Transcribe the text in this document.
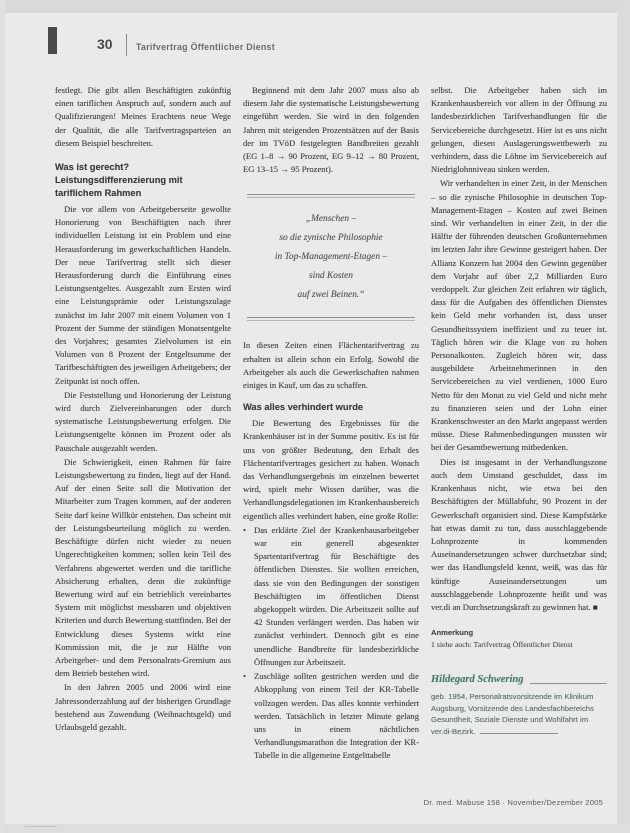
30	Tarifvertrag Öffentlicher Dienst

festlegt. Die gibt allen Beschäftigten zukünftig einen tariflichen Anspruch auf, sondern auch auf Qualifizierungen! Meines Erachtens neue Wege der Qualität, die alle Tarifvertragsparteien an diesem Beispiel beschreiten.

Was ist gerecht? Leistungsdifferenzierung mit tariflichem Rahmen

Die vor allem von Arbeitgeberseite gewollte Honorierung von Beschäftigten nach ihrer individuellen Leistung ist ein Problem und eine Herausforderung im gewerkschaftlichen Handeln. Der neue Tarifvertrag stellt sich dieser Herausforderung durch die Einführung eines Leistungsentgeltes. Ausgezahlt zum Ersten wird eine Leistungsprämie oder Leistungszulage zunächst im Jahr 2007 mit einem Volumen von 1 Prozent der Summe der ständigen Monatsentgelte des Vorjahres; gesamtes Zielvolumen ist ein Volumen von 8 Prozent der Entgeltsumme der Tarifbeschäftigten des jeweiligen Arbeitgebers; der Zeitpunkt ist noch offen.

Die Feststellung und Honorierung der Leistung wird durch Zielvereinbarungen oder durch systematische Leistungsbewertung erfolgen. Die Leistungsentgelte können im Prozent oder als Pauschale ausgezahlt werden.

Die Schwierigkeit, einen Rahmen für faire Leistungsbewertung zu finden, liegt auf der Hand. Auf der einen Seite soll die Motivation der Mitarbeiter zum Tragen kommen, auf der anderen Seite darf keine Willkür entstehen. Das scheint mit der Leistungsbeurteilung möglich zu werden. Beschäftigte dürfen nicht wieder zu neuen Ungerechtigkeiten kommen; sollen kein Teil des Verfahrens abgewertet werden und die tarifliche Absicherung erhalten, denn die zukünftige Bewertung wird auf ein betrieblich vereinbartes System mit möglichst messbaren und objektiven Kriterien und durch Bewertung stattfinden. Bei der Entwicklung dieses Systems wirkt eine Kommission mit, die je zur Hälfte von Arbeitgeber- und dem Personalrats-Gremium aus dem Betrieb bestehen wird.

In den Jahren 2005 und 2006 wird eine Jahressonderzahlung auf der bisherigen Grundlage bestehend aus Zuwendung (Weihnachtsgeld) und Urlaubsgeld gezahlt.

Beginnend mit dem Jahr 2007 muss also ab diesem Jahr die systematische Leistungsbewertung eingeführt werden. Sie wird in den folgenden Jahren mit steigenden Prozentsätzen auf der Basis der im TVöD festgelegten Bandbreiten gezahlt (EG 1–8 → 90 Prozent, EG 9–12 → 80 Prozent, EG 13–15 → 95 Prozent).

„Menschen –
so die zynische Philosophie
in Top-Management-Etagen –
sind Kosten
auf zwei Beinen.“

In diesen Zeiten einen Flächentarifvertrag zu erhalten ist allein schon ein Erfolg. Sowohl die Arbeitgeber als auch die Gewerkschaften nahmen einiges in Kauf, um das zu schaffen.

Was alles verhindert wurde

Die Bewertung des Ergebnisses für die Krankenhäuser ist in der Summe positiv. Es ist für uns von größter Bedeutung, den Erhalt des Flächentarifvertrages gesichert zu haben. Wonach das Verhandlungsergebnis im einzelnen bewertet wird, spielt mehr Wissen darüber, was die Verhandlungsdelegationen im Krankenhausbereich eigentlich alles verhindert haben, eine große Rolle:

• Das erklärte Ziel der Krankenhausarbeitgeber war ein generell abgesenkter Spartentarifvertrag für Beschäftigte des öffentlichen Dienstes. Sie wollten erreichen, dass sie von den Bedingungen der sonstigen Beschäftigten im öffentlichen Dienst abgekoppelt würden. Die Arbeitszeit sollte auf 42 Stunden verlängert werden. Das haben wir zunächst verhindert. Dennoch gibt es eine unendliche Bandbreite für landesbezirkliche Öffnungen zur Arbeitszeit.
• Zuschläge sollten gestrichen werden und die Abkopplung von einem Teil der KR-Tabelle vollzogen werden. Das alles konnte verhindert werden. Tatsächlich in letzter Minute gelang uns in einem nächtlichen Verhandlungsmarathon die Integration der KR-Tabelle in die allgemeine Entgelttabelle

selbst. Die Arbeitgeber haben sich im Krankenhausbereich vor allem in der Öffnung zu landesbezirklichen Tarifverhandlungen für die Servicebereiche durchgesetzt. Hier ist es uns nicht gelungen, diesen Auslagerungswettbewerb zu verhindern, dass die Löhne im Servicebereich auf Niedriglohnniveau sinken werden.

Wir verhandelten in einer Zeit, in der Menschen – so die zynische Philosophie in deutschen Top-Management-Etagen – Kosten auf zwei Beinen sind. Wir verhandelten in einer Zeit, in der die Hälfte der führenden deutschen Großunternehmen im letzten Jahr ihre Gewinne gesteigert haben. Der Allianz Konzern hat 2004 den Gewinn gegenüber dem Vorjahr auf über 2,2 Milliarden Euro verdoppelt. Zur gleichen Zeit erfahren wir täglich, dass für die Aufgaben des öffentlichen Dienstes kein Geld mehr vorhanden ist, dass unser Gesundheitssystem ineffizient und zu teuer ist. Täglich hören wir die Klage von zu hohen Personalkosten. Zugleich hören wir, dass ausgebildete Arbeitnehmerinnen in den Servicebereichen zu viel verdienen, 1000 Euro Netto für den Monat zu viel Geld und nicht mehr zu finanzieren seien und der Lohn einer Krankenschwester an den Markt angepasst werden müsse. Diese Rahmenbedingungen mussten wir bei der Gesamtbewertung mitbedenken.

Dies ist insgesamt in der Verhandlungszone auch dem Umstand geschuldet, dass im Krankenhaus nicht, wie etwa bei den Beschäftigten der Müllabfuhr, 90 Prozent in der Gewerkschaft organisiert sind. Diese Kampfstärke hat etwas damit zu tun, dass ausschlaggebende Lohnprozente in kommenden Auseinandersetzungen schwer durchsetzbar sind; wer das Handlungsfeld kennt, weiß, was das für künftige Auseinandersetzungen um ausschlaggebende Lohnprozente heißt und was ver.di an Durchsetzungskraft zu gewinnen hat. ■

Anmerkung
1 siehe auch: Tarifvertrag Öffentlicher Dienst
Hildegard Schwering
geb. 1954, Personalratsvorsitzende im Klinikum Augsburg, Vorsitzende des Landesfachbereichs Gesundheit, Soziale Dienste und Wohlfahrt im ver.di-Bezirk.
Dr. med. Mabuse 158 · November/Dezember 2005
